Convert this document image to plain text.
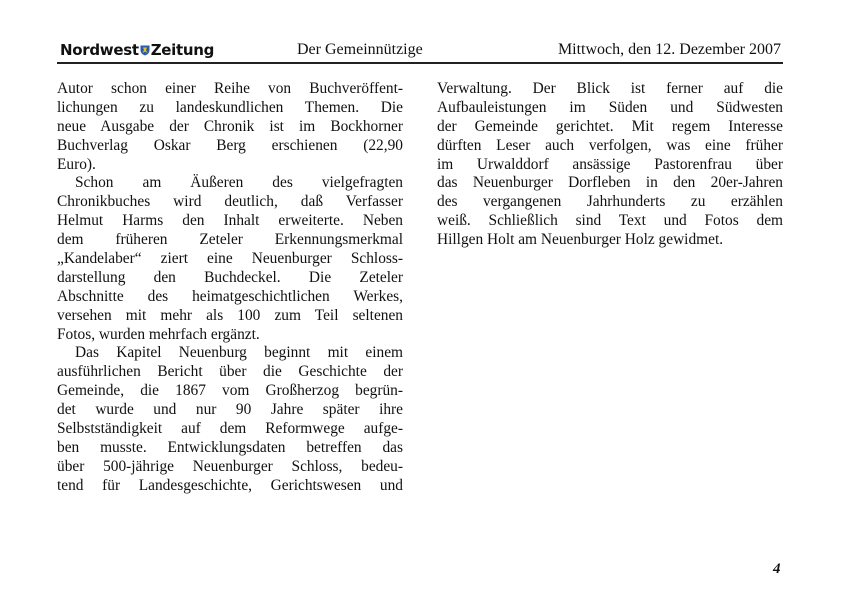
Nordwest Zeitung	Der Gemeinnützige	Mittwoch, den 12. Dezember 2007
Autor schon einer Reihe von Buchveröffent-
lichungen zu landeskundlichen Themen. Die
neue Ausgabe der Chronik ist im Bockhorner
Buchverlag Oskar Berg erschienen (22,90
Euro).
Schon am Äußeren des vielgefragten
Chronikbuches wird deutlich, daß Verfasser
Helmut Harms den Inhalt erweiterte. Neben
dem früheren Zeteler Erkennungsmerkmal
„Kandelaber“ ziert eine Neuenburger Schloss-
darstellung den Buchdeckel. Die Zeteler
Abschnitte des heimatgeschichtlichen Werkes,
versehen mit mehr als 100 zum Teil seltenen
Fotos, wurden mehrfach ergänzt.
Das Kapitel Neuenburg beginnt mit einem
ausführlichen Bericht über die Geschichte der
Gemeinde, die 1867 vom Großherzog begrün-
det wurde und nur 90 Jahre später ihre
Selbstständigkeit auf dem Reformwege aufge-
ben musste. Entwicklungsdaten betreffen das
über 500-jährige Neuenburger Schloss, bedeu-
tend für Landesgeschichte, Gerichtswesen und
Verwaltung. Der Blick ist ferner auf die
Aufbauleistungen im Süden und Südwesten
der Gemeinde gerichtet. Mit regem Interesse
dürften Leser auch verfolgen, was eine früher
im Urwalddorf ansässige Pastorenfrau über
das Neuenburger Dorfleben in den 20er-Jahren
des vergangenen Jahrhunderts zu erzählen
weiß. Schließlich sind Text und Fotos dem
Hillgen Holt am Neuenburger Holz gewidmet.
4
